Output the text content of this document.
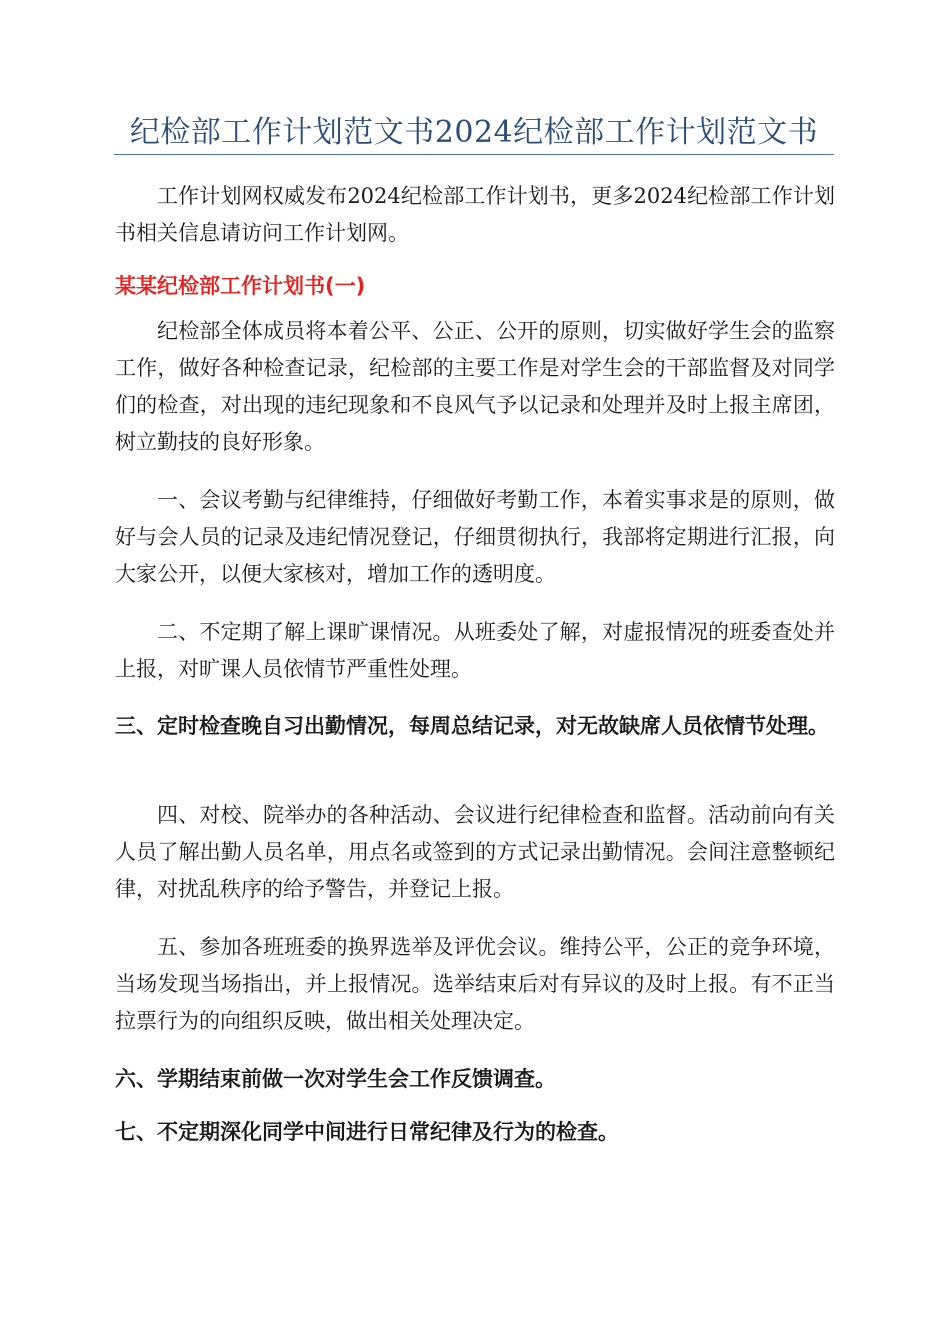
纪检部工作计划范文书2024纪检部工作计划范文书
工作计划网权威发布2024纪检部工作计划书，更多2024纪检部工作计划书相关信息请访问工作计划网。
某某纪检部工作计划书(一)
纪检部全体成员将本着公平、公正、公开的原则，切实做好学生会的监察工作，做好各种检查记录，纪检部的主要工作是对学生会的干部监督及对同学们的检查，对出现的违纪现象和不良风气予以记录和处理并及时上报主席团，树立勤技的良好形象。
一、会议考勤与纪律维持，仔细做好考勤工作，本着实事求是的原则，做好与会人员的记录及违纪情况登记，仔细贯彻执行，我部将定期进行汇报，向大家公开，以便大家核对，增加工作的透明度。
二、不定期了解上课旷课情况。从班委处了解，对虚报情况的班委查处并上报，对旷课人员依情节严重性处理。
三、定时检查晚自习出勤情况，每周总结记录，对无故缺席人员依情节处理。
四、对校、院举办的各种活动、会议进行纪律检查和监督。活动前向有关人员了解出勤人员名单，用点名或签到的方式记录出勤情况。会间注意整顿纪律，对扰乱秩序的给予警告，并登记上报。
五、参加各班班委的换界选举及评优会议。维持公平，公正的竞争环境，当场发现当场指出，并上报情况。选举结束后对有异议的及时上报。有不正当拉票行为的向组织反映，做出相关处理决定。
六、学期结束前做一次对学生会工作反馈调查。
七、不定期深化同学中间进行日常纪律及行为的检查。
